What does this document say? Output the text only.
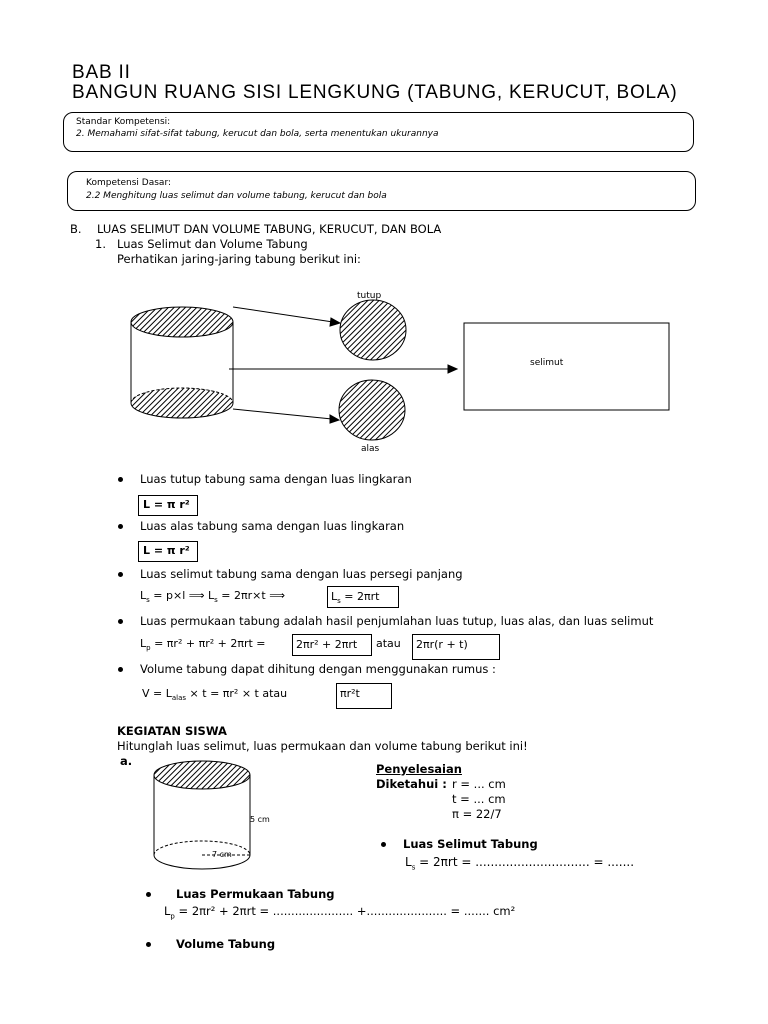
BAB II
BANGUN RUANG SISI LENGKUNG (TABUNG, KERUCUT, BOLA)
Standar Kompetensi:
2. Memahami sifat-sifat tabung, kerucut dan bola, serta menentukan ukurannya
Kompetensi Dasar:
2.2 Menghitung luas selimut dan volume tabung, kerucut dan bola
B. LUAS SELIMUT DAN VOLUME TABUNG, KERUCUT, DAN BOLA
1. Luas Selimut dan Volume Tabung
Perhatikan jaring-jaring tabung berikut ini:
tutup
alas
selimut
5 cm
7 cm
Luas tutup tabung sama dengan luas lingkaran
L = π r²
Luas alas tabung sama dengan luas lingkaran
L = π r²
Luas selimut tabung sama dengan luas persegi panjang
$L_s = p\times l$ ⟹ $L_s = 2\pi r\times t$ ⟹	$L_s = 2\pi rt$
Luas permukaan tabung adalah hasil penjumlahan luas tutup, luas alas, dan luas selimut
$L_p = \pi r^2 + \pi r^2 + 2\pi rt$ =	2πr² + 2πrt atau 2πr(r + t)
Volume tabung dapat dihitung dengan menggunakan rumus :
$V = L_{alas} \times t = \pi r^2 \times t$ atau	πr²t
KEGIATAN SISWA
Hitunglah luas selimut, luas permukaan dan volume tabung berikut ini!
a.
Penyelesaian
Diketahui : r = ... cm
t = ... cm
π = 22/7
Luas Selimut Tabung
$L_s = 2\pi rt$ = .............................. = .......
Luas Permukaan Tabung
$L_p = 2\pi r^2 + 2\pi rt$ = ...................... +...................... = ....... cm²
Volume Tabung
